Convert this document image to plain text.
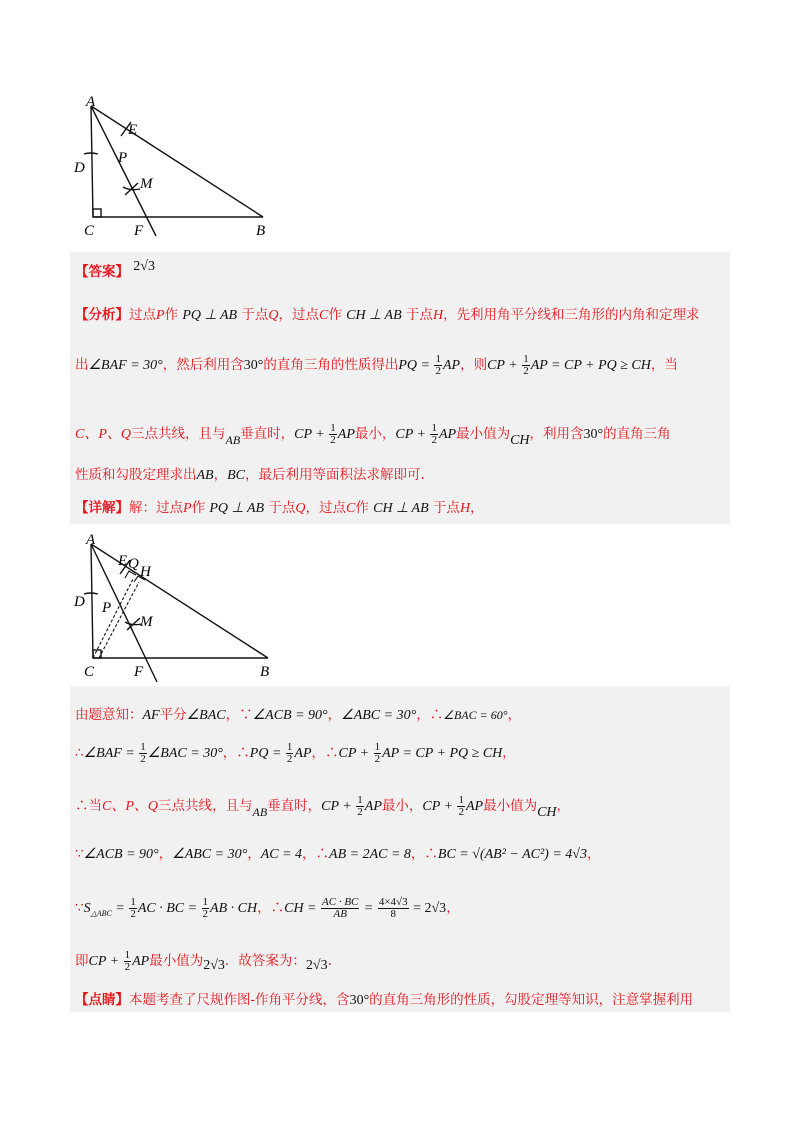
A
E
D
P
M
C	F	B
【答案】 2√3
【分析】过点P作 PQ ⊥ AB 于点Q，过点C作 CH ⊥ AB 于点H，先利用角平分线和三角形的内角和定理求
出∠BAF = 30°，然后利用含30°的直角三角的性质得出PQ = $\frac{1}{2}$ AP，则CP + $\frac{1}{2}$ AP = CP + PQ ≥ CH，当
C、P、Q三点共线，且与AB垂直时，CP + $\frac{1}{2}$ AP最小，CP + $\frac{1}{2}$ AP最小值为CH，利用含30°的直角三角
性质和勾股定理求出AB，BC，最后利用等面积法求解即可.
【详解】解：过点P作 PQ ⊥ AB 于点Q，过点C作 CH ⊥ AB 于点H，
A
E Q H
D P
M
C	F	B
由题意知：AF平分∠BAC，∵∠ACB = 90°，∠ABC = 30°，∴∠BAC = 60°，
∴∠BAF = $\frac{1}{2}$ ∠BAC = 30°，∴PQ = $\frac{1}{2}$ AP，∴CP + $\frac{1}{2}$ AP = CP + PQ ≥ CH，
∴当C、P、Q三点共线，且与AB垂直时，CP + $\frac{1}{2}$ AP最小，CP + $\frac{1}{2}$ AP最小值为CH，
∵∠ACB = 90°，∠ABC = 30°，AC = 4，∴AB = 2AC = 8，∴BC = √(AB² − AC²) = 4√3，
$\because S_{\triangle ABC} = \frac{1}{2}$ AC · BC = $\frac{1}{2}$ AB · CH，∴CH = $\frac{AC \cdot BC}{AB} = \frac{4\times 4√3}{8} = 2√3$，
即CP + $\frac{1}{2}$ AP最小值为2√3．故答案为：2√3.
【点睛】本题考查了尺规作图-作角平分线，含30°的直角三角形的性质，勾股定理等知识，注意掌握利用
